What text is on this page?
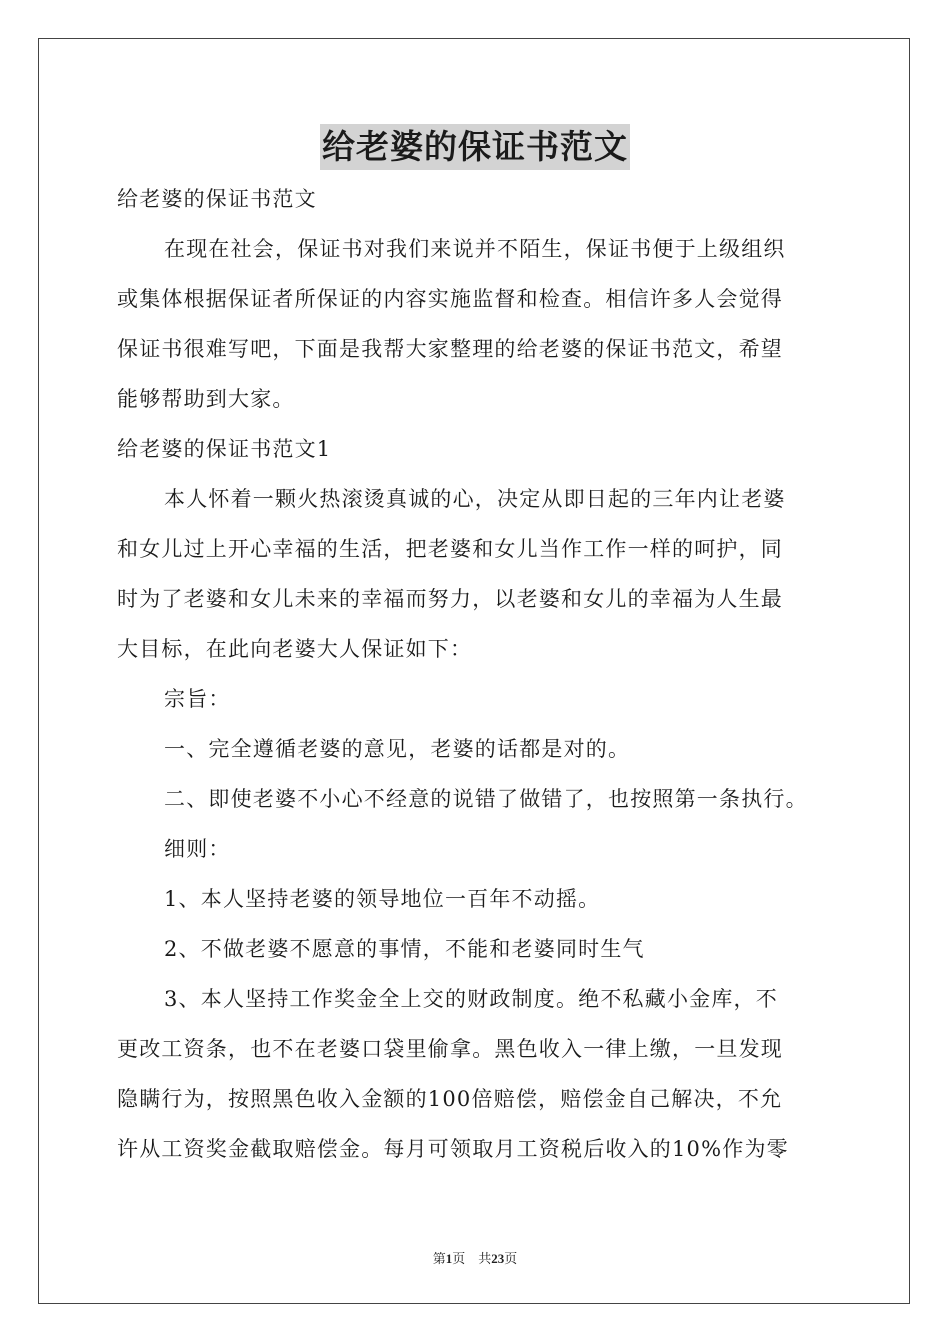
给老婆的保证书范文
给老婆的保证书范文
在现在社会，保证书对我们来说并不陌生，保证书便于上级组织
或集体根据保证者所保证的内容实施监督和检查。相信许多人会觉得
保证书很难写吧，下面是我帮大家整理的给老婆的保证书范文，希望
能够帮助到大家。
给老婆的保证书范文1
本人怀着一颗火热滚烫真诚的心，决定从即日起的三年内让老婆
和女儿过上开心幸福的生活，把老婆和女儿当作工作一样的呵护，同
时为了老婆和女儿未来的幸福而努力，以老婆和女儿的幸福为人生最
大目标，在此向老婆大人保证如下：
宗旨：
一、完全遵循老婆的意见，老婆的话都是对的。
二、即使老婆不小心不经意的说错了做错了，也按照第一条执行。
细则：
1、本人坚持老婆的领导地位一百年不动摇。
2、不做老婆不愿意的事情，不能和老婆同时生气
3、本人坚持工作奖金全上交的财政制度。绝不私藏小金库，不
更改工资条，也不在老婆口袋里偷拿。黑色收入一律上缴，一旦发现
隐瞒行为，按照黑色收入金额的100倍赔偿，赔偿金自己解决，不允
许从工资奖金截取赔偿金。每月可领取月工资税后收入的10%作为零
第1页　共23页
